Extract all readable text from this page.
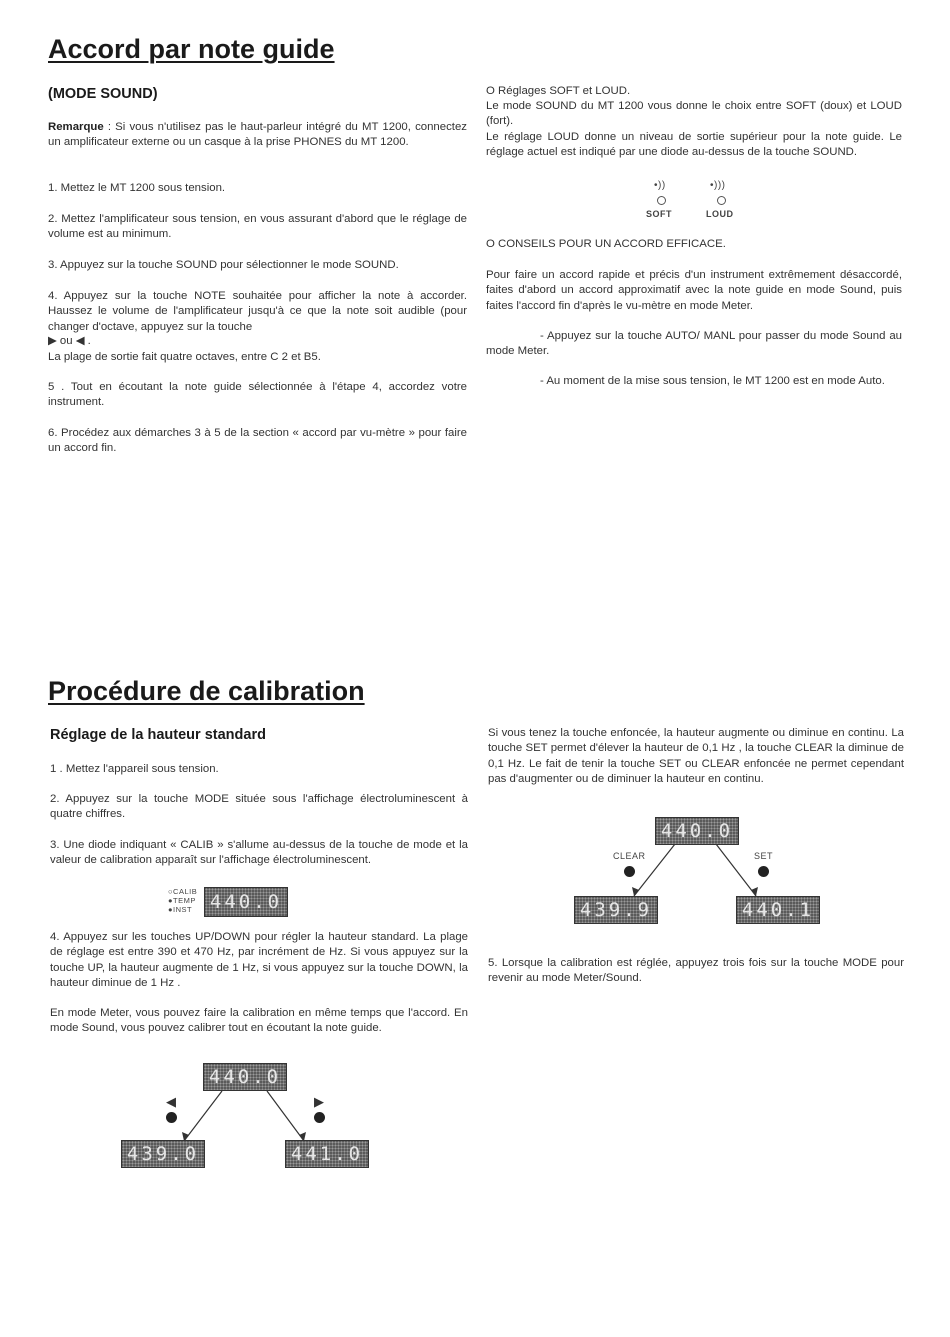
Accord par note guide
(MODE SOUND)

Remarque : Si vous n'utilisez pas le haut-parleur intégré du MT 1200, connectez un amplificateur externe ou un casque à la prise PHONES du MT 1200.

1. Mettez le MT 1200 sous tension.

2. Mettez l'amplificateur sous tension, en vous assurant d'abord que le réglage de volume est au minimum.

3. Appuyez sur la touche SOUND pour sélectionner le mode SOUND.

4. Appuyez sur la touche NOTE souhaitée pour afficher la note à accorder. Haussez le volume de l'amplificateur jusqu'à ce que la note soit audible (pour changer d'octave, appuyez sur la touche

▶ ou ◀ .

La plage de sortie fait quatre octaves, entre C 2 et B5.

5 . Tout en écoutant la note guide sélectionnée à l'étape 4, accordez votre instrument.

6. Procédez aux démarches 3 à 5 de la section « accord par vu-mètre » pour faire un accord fin.

O Réglages SOFT et LOUD.

Le mode SOUND du MT 1200 vous donne le choix entre SOFT (doux) et LOUD (fort).
Le réglage LOUD donne un niveau de sortie supérieur pour la note guide. Le réglage actuel est indiqué par une diode au-dessus de la touche SOUND.

•))	•)))
SOFT	LOUD

O CONSEILS POUR UN ACCORD EFFICACE.

Pour faire un accord rapide et précis d'un instrument extrêmement désaccordé, faites d'abord un accord approximatif avec la note guide en mode Sound, puis faites l'accord fin d'après le vu-mètre en mode Meter.

- Appuyez sur la touche AUTO/ MANL pour passer du mode Sound au mode Meter.

- Au moment de la mise sous tension, le MT 1200 est en mode Auto.

Procédure de calibration
Réglage de la hauteur standard

1 . Mettez l'appareil sous tension.

2. Appuyez sur la touche MODE située sous l'affichage électroluminescent à quatre chiffres.

3. Une diode indiquant « CALIB » s'allume au-dessus de la touche de mode et la valeur de calibration apparaît sur l'affichage électroluminescent.

○CALIB
●TEMP
●INST 440.0

4. Appuyez sur les touches UP/DOWN pour régler la hauteur standard. La plage de réglage est entre 390 et 470 Hz, par incrément de Hz. Si vous appuyez sur la touche UP, la hauteur augmente de 1 Hz, si vous appuyez sur la touche DOWN, la hauteur diminue de 1 Hz .

En mode Meter, vous pouvez faire la calibration en même temps que l'accord. En mode Sound, vous pouvez calibrer tout en écoutant la note guide.

440.0
◀	▶
439.0	441.0

Si vous tenez la touche enfoncée, la hauteur augmente ou diminue en continu. La touche SET permet d'élever la hauteur de 0,1 Hz , la touche CLEAR la diminue de 0,1 Hz. Le fait de tenir la touche SET ou CLEAR enfoncée ne permet cependant pas d'augmenter ou de diminuer la hauteur en continu.

440.0
CLEAR	SET
439.9	440.1

5. Lorsque la calibration est réglée, appuyez trois fois sur la touche MODE pour revenir au mode Meter/Sound.
